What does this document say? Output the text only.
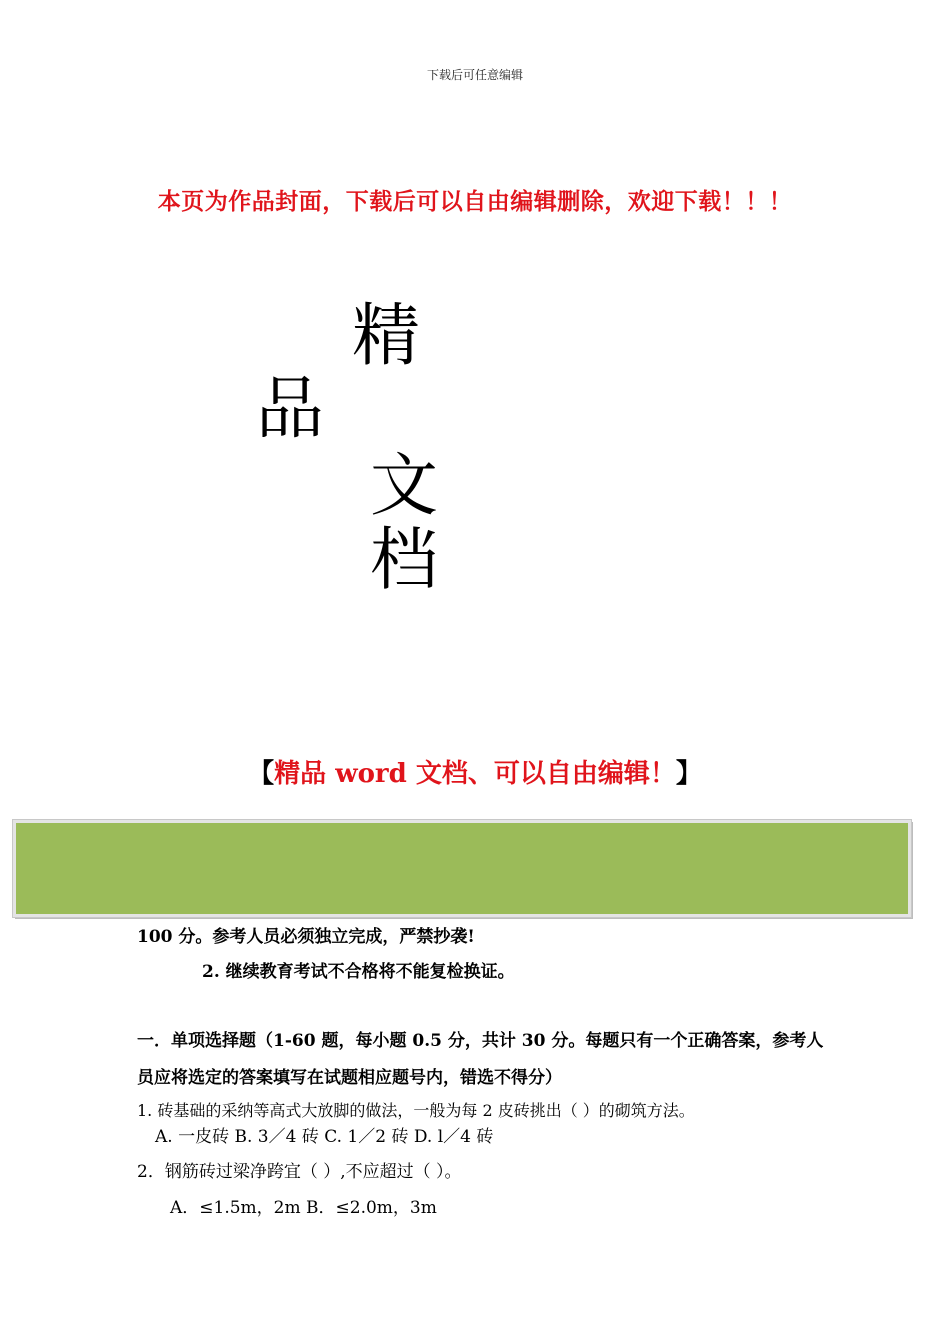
下载后可任意编辑
本页为作品封面，下载后可以自由编辑删除，欢迎下载！！！
精
品
文
档
【精品 word 文档、可以自由编辑！】
100 分。参考人员必须独立完成，严禁抄袭!
2. 继续教育考试不合格将不能复检换证。
一．单项选择题（1-60 题，每小题 0.5 分，共计 30 分。每题只有一个正确答案，参考人
员应将选定的答案填写在试题相应题号内，错选不得分）
1. 砖基础的采纳等高式大放脚的做法，一般为每 2 皮砖挑出（ ）的砌筑方法。
A. 一皮砖 B. 3／4 砖 C. 1／2 砖 D. l／4 砖
2．钢筋砖过梁净跨宜（ ）,不应超过（ ）。
A．≤1.5m，2m B．≤2.0m，3m
